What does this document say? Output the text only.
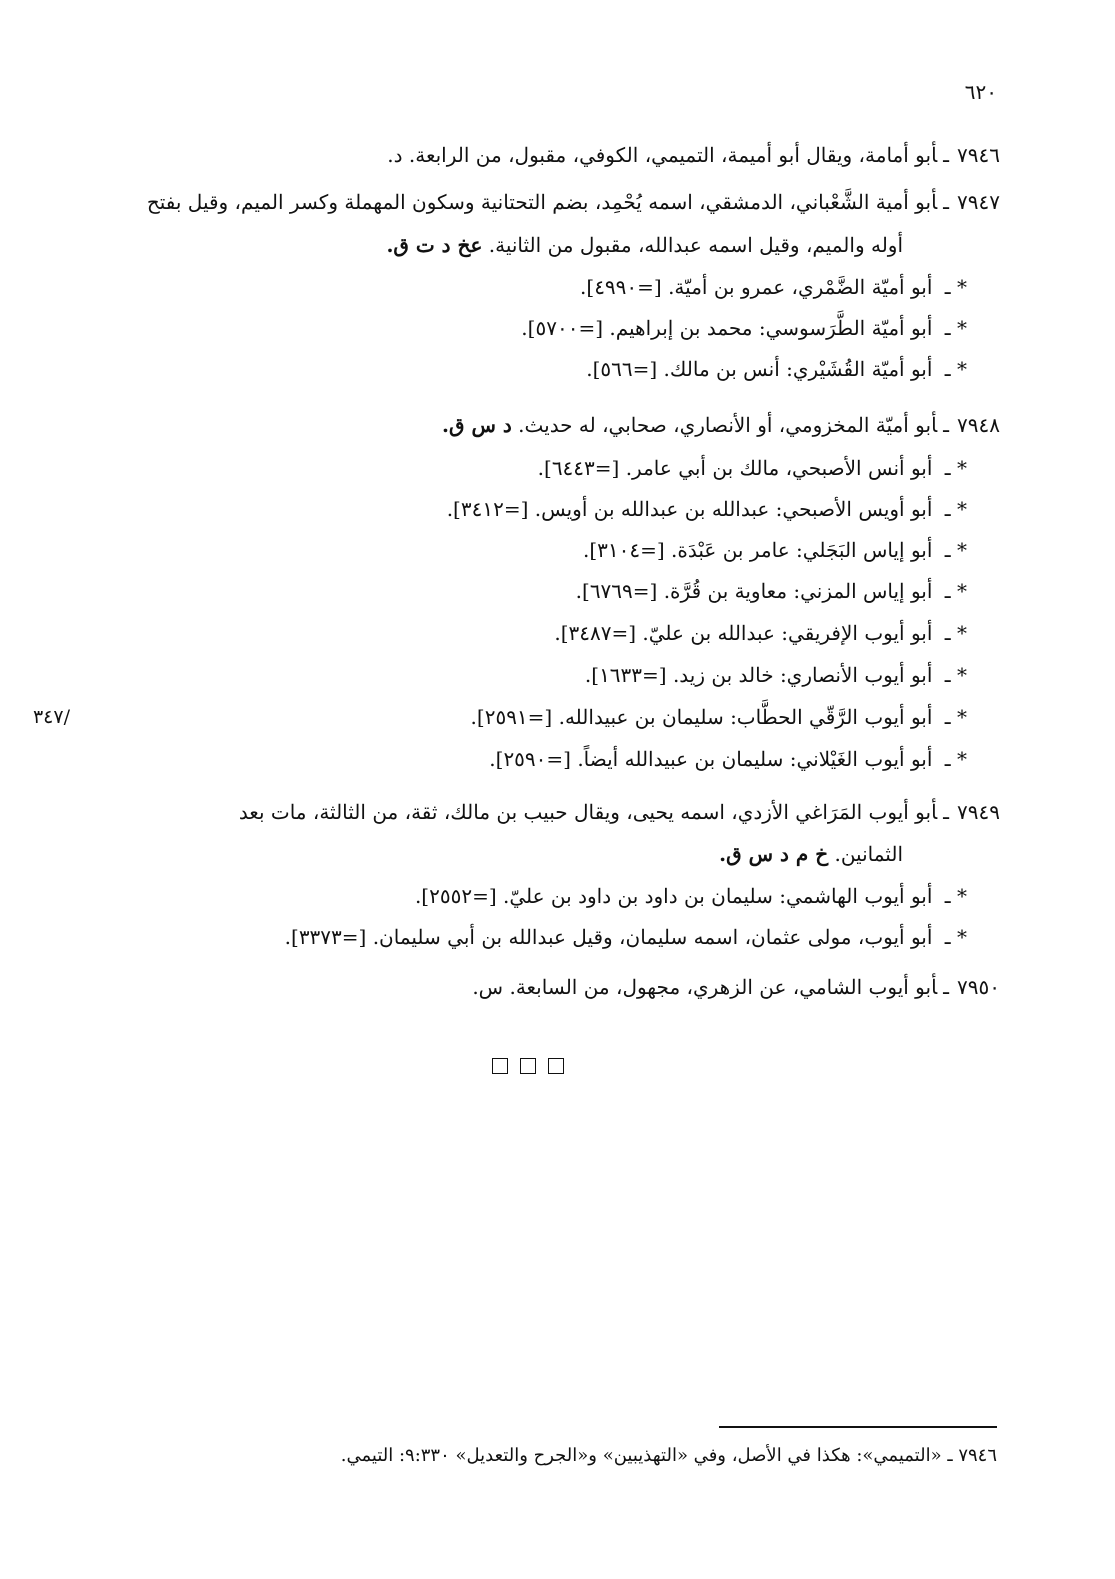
٦٢٠
٧٩٤٦ـأبو أمامة، ويقال أبو أميمة، التميمي، الكوفي، مقبول، من الرابعة. د.
٧٩٤٧ـأبو أمية الشَّعْباني، الدمشقي، اسمه يُحْمِد، بضم التحتانية وسكون المهملة وكسر الميم، وقيل بفتح
أوله والميم، وقيل اسمه عبدالله، مقبول من الثانية. عخ د ت ق.
* ـ أبو أميّة الضَّمْري، عمرو بن أميّة. [=٤٩٩٠].
* ـ أبو أميّة الطَّرَسوسي: محمد بن إبراهيم. [=٥٧٠٠].
* ـ أبو أميّة القُشَيْري: أنس بن مالك. [=٥٦٦].
٧٩٤٨ـأبو أميّة المخزومي، أو الأنصاري، صحابي، له حديث. د س ق.
* ـ أبو أنس الأصبحي، مالك بن أبي عامر. [=٦٤٤٣].
* ـ أبو أويس الأصبحي: عبدالله بن عبدالله بن أويس. [=٣٤١٢].
* ـ أبو إياس البَجَلي: عامر بن عَبْدَة. [=٣١٠٤].
* ـ أبو إياس المزني: معاوية بن قُرَّة. [=٦٧٦٩].
* ـ أبو أيوب الإفريقي: عبدالله بن عليّ. [=٣٤٨٧].
* ـ أبو أيوب الأنصاري: خالد بن زيد. [=١٦٣٣].
* ـ أبو أيوب الرَّقّي الحطَّاب: سليمان بن عبيدالله. [=٢٥٩١].
/٣٤٧
* ـ أبو أيوب الغَيْلاني: سليمان بن عبيدالله أيضاً. [=٢٥٩٠].
٧٩٤٩ـأبو أيوب المَرَاغي الأزدي، اسمه يحيى، ويقال حبيب بن مالك، ثقة، من الثالثة، مات بعد
الثمانين. خ م د س ق.
* ـ أبو أيوب الهاشمي: سليمان بن داود بن داود بن عليّ. [=٢٥٥٢].
* ـ أبو أيوب، مولى عثمان، اسمه سليمان، وقيل عبدالله بن أبي سليمان. [=٣٣٧٣].
٧٩٥٠ـأبو أيوب الشامي، عن الزهري، مجهول، من السابعة. س.
٧٩٤٦ ـ «التميمي»: هكذا في الأصل، وفي «التهذيبين» و«الجرح والتعديل» ٩:٣٣٠: التيمي.
